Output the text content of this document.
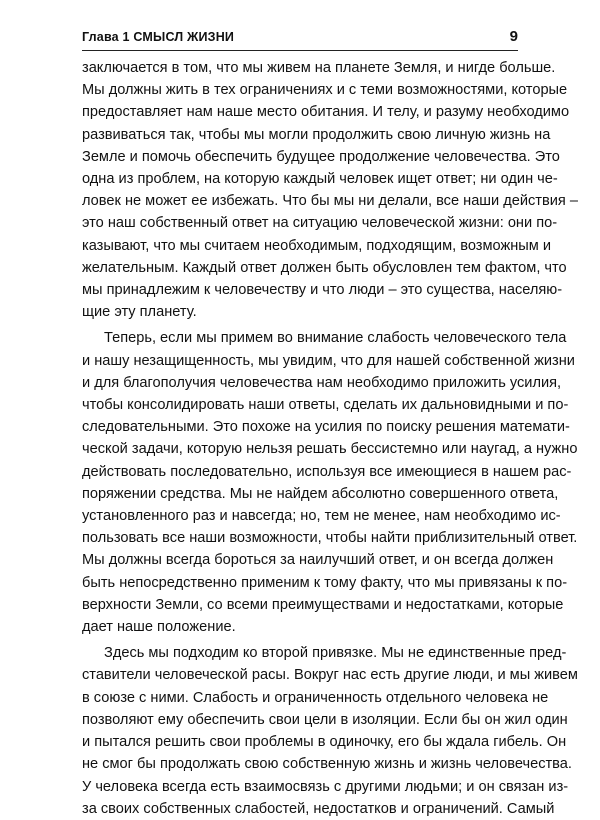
Глава 1 СМЫСЛ ЖИЗНИ	9
заключается в том, что мы живем на планете Земля, и нигде больше.
Мы должны жить в тех ограничениях и с теми возможностями, которые
предоставляет нам наше место обитания. И телу, и разуму необходимо
развиваться так, чтобы мы могли продолжить свою личную жизнь на
Земле и помочь обеспечить будущее продолжение человечества. Это
одна из проблем, на которую каждый человек ищет ответ; ни один че-
ловек не может ее избежать. Что бы мы ни делали, все наши действия –
это наш собственный ответ на ситуацию человеческой жизни: они по-
казывают, что мы считаем необходимым, подходящим, возможным и
желательным. Каждый ответ должен быть обусловлен тем фактом, что
мы принадлежим к человечеству и что люди – это существа, населяю-
щие эту планету.
Теперь, если мы примем во внимание слабость человеческого тела
и нашу незащищенность, мы увидим, что для нашей собственной жизни
и для благополучия человечества нам необходимо приложить усилия,
чтобы консолидировать наши ответы, сделать их дальновидными и по-
следовательными. Это похоже на усилия по поиску решения математи-
ческой задачи, которую нельзя решать бессистемно или наугад, а нужно
действовать последовательно, используя все имеющиеся в нашем рас-
поряжении средства. Мы не найдем абсолютно совершенного ответа,
установленного раз и навсегда; но, тем не менее, нам необходимо ис-
пользовать все наши возможности, чтобы найти приблизительный ответ.
Мы должны всегда бороться за наилучший ответ, и он всегда должен
быть непосредственно применим к тому факту, что мы привязаны к по-
верхности Земли, со всеми преимуществами и недостатками, которые
дает наше положение.
Здесь мы подходим ко второй привязке. Мы не единственные пред-
ставители человеческой расы. Вокруг нас есть другие люди, и мы живем
в союзе с ними. Слабость и ограниченность отдельного человека не
позволяют ему обеспечить свои цели в изоляции. Если бы он жил один
и пытался решить свои проблемы в одиночку, его бы ждала гибель. Он
не смог бы продолжать свою собственную жизнь и жизнь человечества.
У человека всегда есть взаимосвязь с другими людьми; и он связан из-
за своих собственных слабостей, недостатков и ограничений. Самый
